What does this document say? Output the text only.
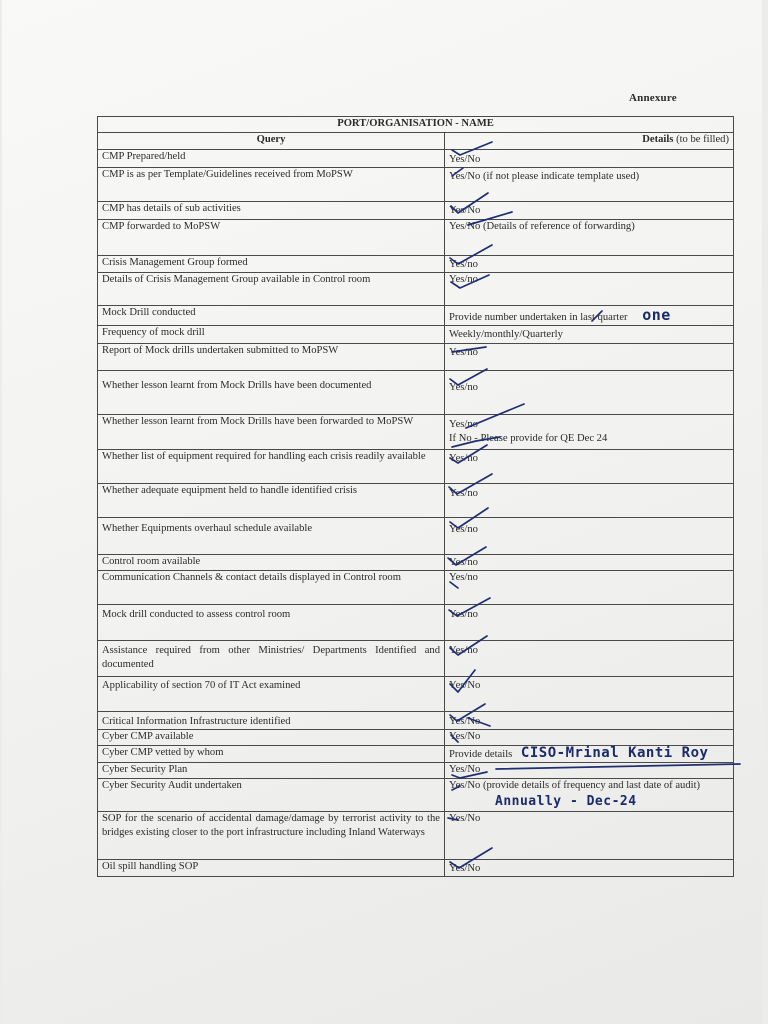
Annexure
PORT/ORGANISATION - NAME	
Query	Details (to be filled)
CMP Prepared/held	Yes/No
CMP is as per Template/Guidelines received from MoPSW	Yes/No (if not please indicate template used)
CMP has details of sub activities	Yes/No
CMP forwarded to MoPSW	Yes/No (Details of reference of forwarding)
Crisis Management Group formed	Yes/no
Details of Crisis Management Group available in Control room	Yes/no
Mock Drill conducted	Provide number undertaken in last quarter one
Frequency of mock drill	Weekly/monthly/Quarterly
Report of Mock drills undertaken submitted to MoPSW	Yes/no
Whether lesson learnt from Mock Drills have been documented	Yes/no
Whether lesson learnt from Mock Drills have been forwarded to MoPSW	Yes/no
If No - Please provide for QE Dec 24

Whether list of equipment required for handling each crisis readily available	Yes/no
Whether adequate equipment held to handle identified crisis	Yes/no
Whether Equipments overhaul schedule available	Yes/no
Control room available	Yes/no
Communication Channels & contact details displayed in Control room	Yes/no
Mock drill conducted to assess control room	Yes/no
Assistance required from other Ministries/ Departments Identified and documented	Yes/no
Applicability of section 70 of IT Act examined	Yes/No
Critical Information Infrastructure identified	Yes/No
Cyber CMP available	Yes/No
Cyber CMP vetted by whom	Provide details CISO-Mrinal Kanti Roy
Cyber Security Plan	Yes/No
Cyber Security Audit undertaken	Yes/No (provide details of frequency and last date of audit)
Annually - Dec-24

SOP for the scenario of accidental damage/damage by terrorist activity to the bridges existing closer to the port infrastructure including Inland Waterways	Yes/No
Oil spill handling SOP	Yes/No
